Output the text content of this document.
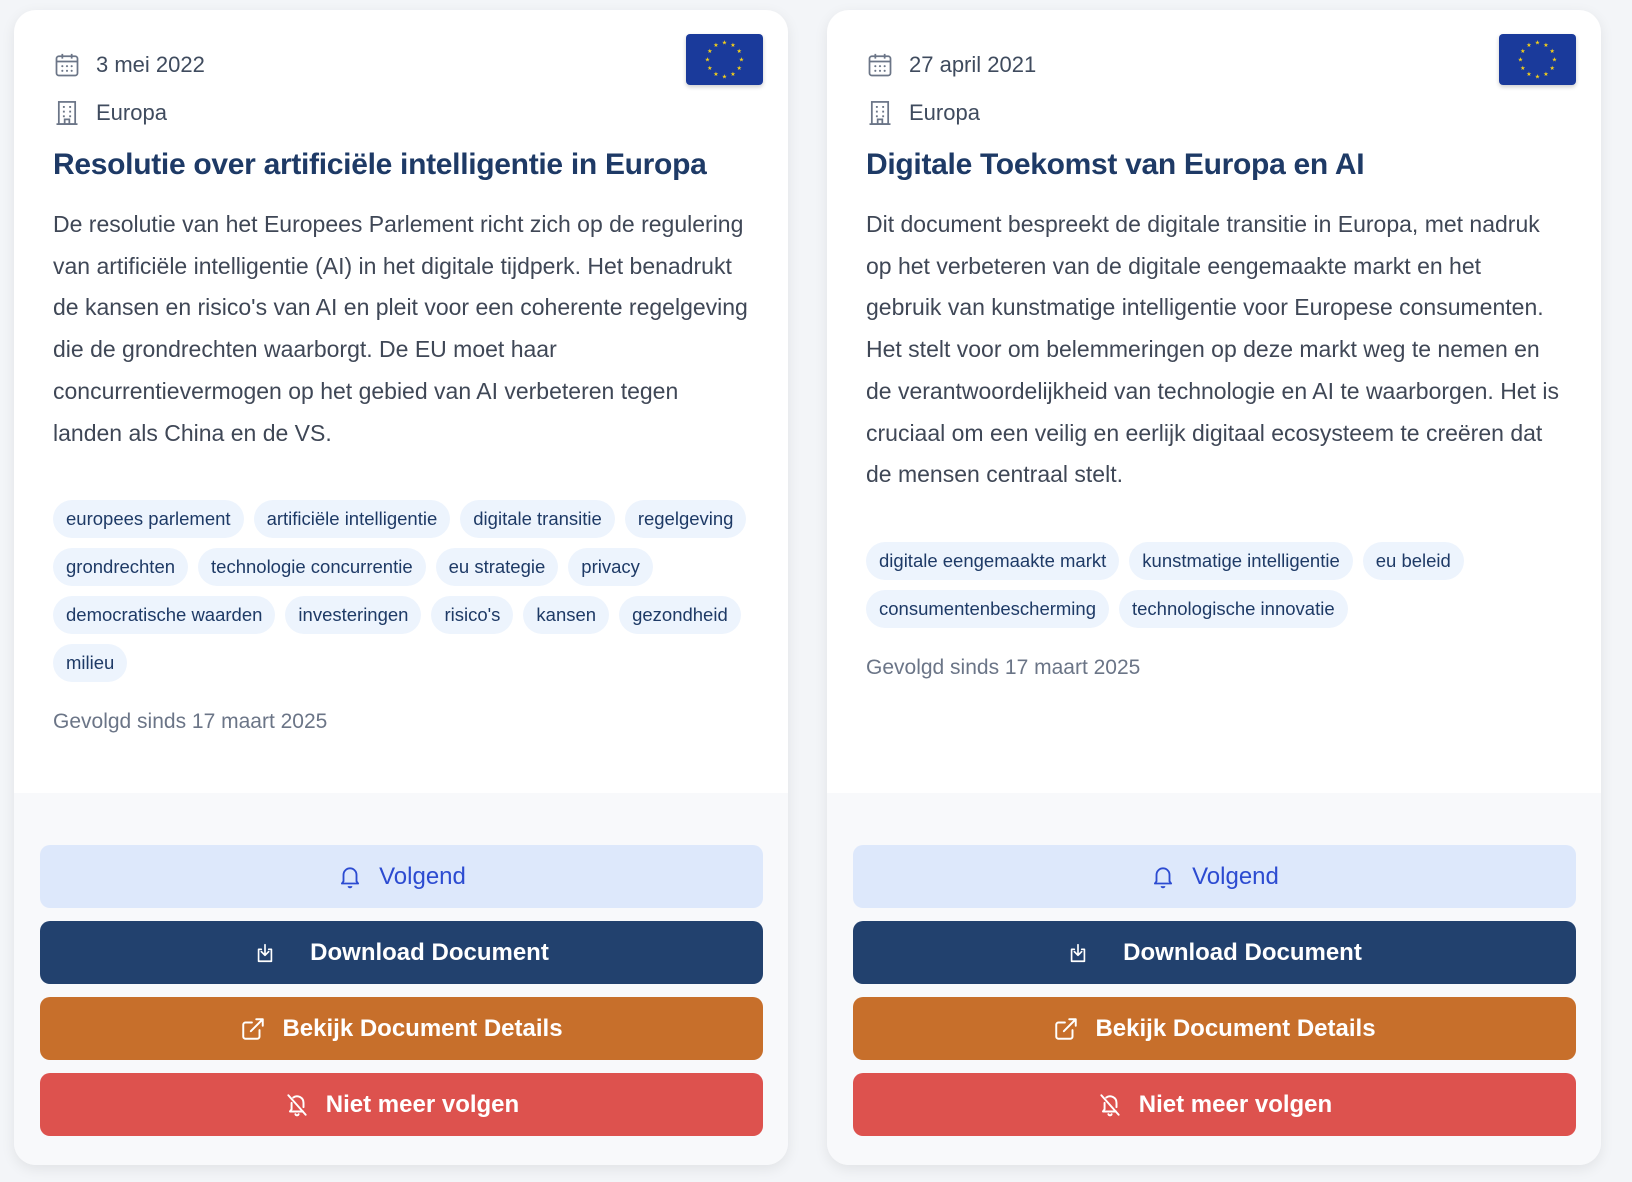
★ ★
★
★
★
★
★
★
★
★
★
★
3 mei 2022
Europa
Resolutie over artificiële intelligentie in Europa

De resolutie van het Europees Parlement richt zich op de regulering van artificiële intelligentie (AI) in het digitale tijdperk. Het benadrukt de kansen en risico's van AI en pleit voor een coherente regelgeving die de grondrechten waarborgt. De EU moet haar concurrentievermogen op het gebied van AI verbeteren tegen landen als China en de VS.

europees parlement	artificiële intelligentie	digitale transitie	regelgeving
grondrechten	technologie concurrentie	eu strategie	privacy
democratische waarden	investeringen	risico's	kansen	gezondheid
milieu
Gevolgd sinds 17 maart 2025
Volgend
Download Document
Bekijk Document Details
Niet meer volgen
★ ★
★
★
★
★
★
★
★
★
★
★
27 april 2021
Europa
Digitale Toekomst van Europa en AI

Dit document bespreekt de digitale transitie in Europa, met nadruk op het verbeteren van de digitale eengemaakte markt en het gebruik van kunstmatige intelligentie voor Europese consumenten. Het stelt voor om belemmeringen op deze markt weg te nemen en de verantwoordelijkheid van technologie en AI te waarborgen. Het is cruciaal om een veilig en eerlijk digitaal ecosysteem te creëren dat de mensen centraal stelt.

digitale eengemaakte markt	kunstmatige intelligentie	eu beleid
consumentenbescherming	technologische innovatie
Gevolgd sinds 17 maart 2025
Volgend
Download Document
Bekijk Document Details
Niet meer volgen
